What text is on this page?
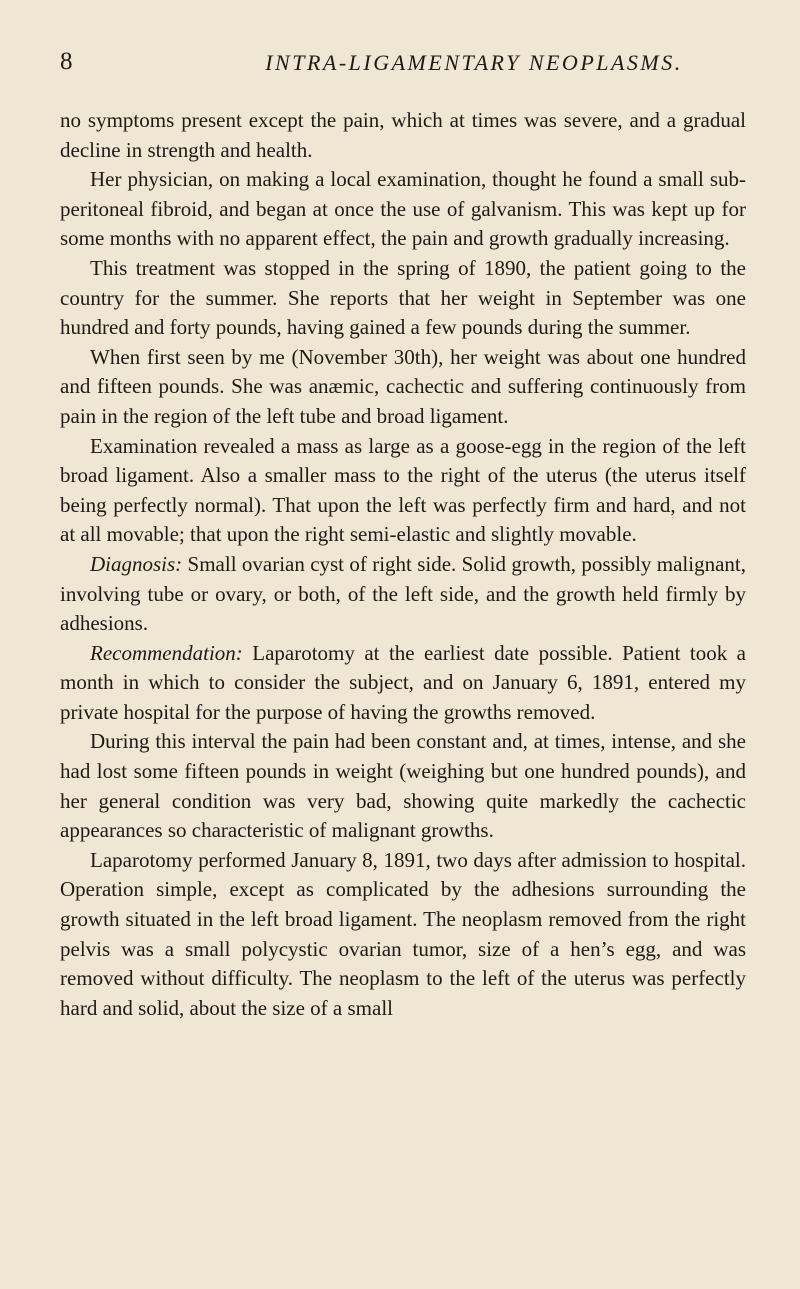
8	INTRA-LIGAMENTARY NEOPLASMS.

no symptoms present except the pain, which at times was severe, and a gradual decline in strength and health.

Her physician, on making a local examination, thought he found a small sub-peritoneal fibroid, and began at once the use of galvanism. This was kept up for some months with no apparent effect, the pain and growth gradually increasing.

This treatment was stopped in the spring of 1890, the patient going to the country for the summer. She reports that her weight in September was one hundred and forty pounds, having gained a few pounds during the summer.

When first seen by me (November 30th), her weight was about one hundred and fifteen pounds. She was anæmic, cachectic and suffering continuously from pain in the region of the left tube and broad ligament.

Examination revealed a mass as large as a goose-egg in the region of the left broad ligament. Also a smaller mass to the right of the uterus (the uterus itself being perfectly normal). That upon the left was perfectly firm and hard, and not at all movable; that upon the right semi-elastic and slightly movable.

Diagnosis: Small ovarian cyst of right side. Solid growth, possibly malignant, involving tube or ovary, or both, of the left side, and the growth held firmly by adhesions.

Recommendation: Laparotomy at the earliest date possible. Patient took a month in which to consider the subject, and on January 6, 1891, entered my private hospital for the purpose of having the growths removed.

During this interval the pain had been constant and, at times, intense, and she had lost some fifteen pounds in weight (weighing but one hundred pounds), and her general condition was very bad, showing quite markedly the cachectic appearances so characteristic of malignant growths.

Laparotomy performed January 8, 1891, two days after admission to hospital. Operation simple, except as complicated by the adhesions surrounding the growth situated in the left broad ligament. The neoplasm removed from the right pelvis was a small polycystic ovarian tumor, size of a hen’s egg, and was removed without difficulty. The neoplasm to the left of the uterus was perfectly hard and solid, about the size of a small
